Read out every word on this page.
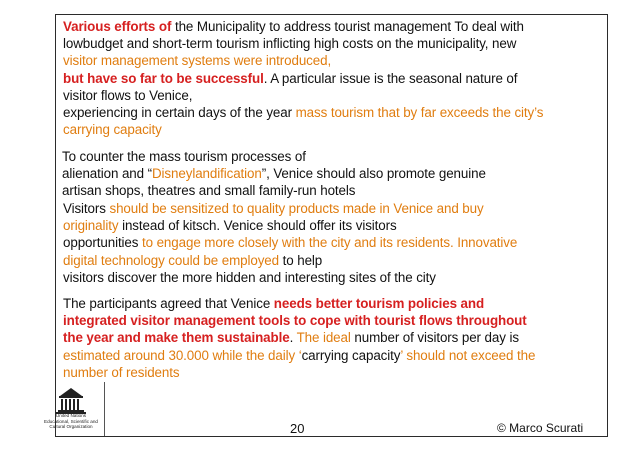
Various efforts of the Municipality to address tourist management To deal with
lowbudget and short-term tourism inflicting high costs on the municipality, new
visitor management systems were introduced,
but have so far to be successful. A particular issue is the seasonal nature of
visitor flows to Venice,
experiencing in certain days of the year mass tourism that by far exceeds the city’s
carrying capacity
To counter the mass tourism processes of
alienation and “Disneylandification”, Venice should also promote genuine
artisan shops, theatres and small family-run hotels
Visitors should be sensitized to quality products made in Venice and buy
originality instead of kitsch. Venice should offer its visitors
opportunities to engage more closely with the city and its residents. Innovative
digital technology could be employed to help
visitors discover the more hidden and interesting sites of the city
The participants agreed that Venice needs better tourism policies and
integrated visitor management tools to cope with tourist flows throughout
the year and make them sustainable. The ideal number of visitors per day is
estimated around 30.000 while the daily ‘carrying capacity’ should not exceed the
number of residents
United Nations
Educational, Scientific and
Cultural Organization	20	© Marco Scurati
